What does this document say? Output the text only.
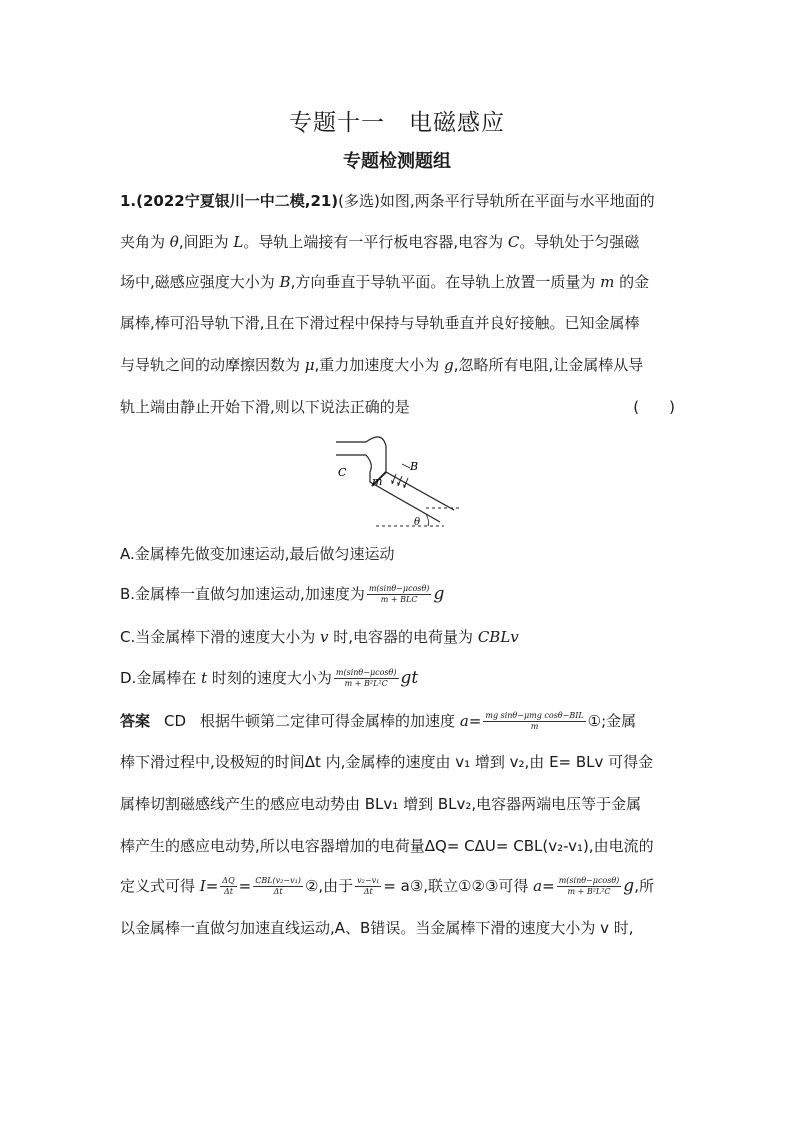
专题十一　电磁感应
专题检测题组
1.(2022宁夏银川一中二模,21)(多选)如图,两条平行导轨所在平面与水平地面的
夹角为 θ,间距为 L。导轨上端接有一平行板电容器,电容为 C。导轨处于匀强磁
场中,磁感应强度大小为 B,方向垂直于导轨平面。在导轨上放置一质量为 m 的金
属棒,棒可沿导轨下滑,且在下滑过程中保持与导轨垂直并良好接触。已知金属棒
与导轨之间的动摩擦因数为 μ,重力加速度大小为 g,忽略所有电阻,让金属棒从导
轨上端由静止开始下滑,则以下说法正确的是	(　　)
C
m
B
θ
A.金属棒先做变加速运动,最后做匀速运动
B.金属棒一直做匀加速运动,加速度为 $\frac{m(\sin\theta-\mu\cos\theta)}{\text{m + BLC}}$ g
C.当金属棒下滑的速度大小为 v 时,电容器的电荷量为 CBLv
D.金属棒在 t 时刻的速度大小为 $\frac{m(\sin\theta-\mu\cos\theta)}{\text{m + B²L²C}}$ gt
答案 CD 根据牛顿第二定律可得金属棒的加速度 $a= \frac{\text{mg sinθ−μmg cosθ−BIL}}{m}$ ①;金属
棒下滑过程中,设极短的时间Δt 内,金属棒的速度由 v₁ 增到 v₂,由 E= BLv 可得金
属棒切割磁感线产生的感应电动势由 BLv₁ 增到 BLv₂,电容器两端电压等于金属
棒产生的感应电动势,所以电容器增加的电荷量ΔQ= CΔU= CBL(v₂-v₁),由电流的
定义式可得 $I= \frac{\Delta Q}{\Delta t} = \frac{\text{CBL(v₂−v₁)}}{\Delta t}$ ②,由于 $\frac{\text{v₂−v₁}}{\Delta t}$ = a③,联立①②③可得 $a= \frac{m(\sin\theta-\mu\cos\theta)}{\text{m + B²L²C}} g$,所
以金属棒一直做匀加速直线运动,A、B错误。当金属棒下滑的速度大小为 v 时,
